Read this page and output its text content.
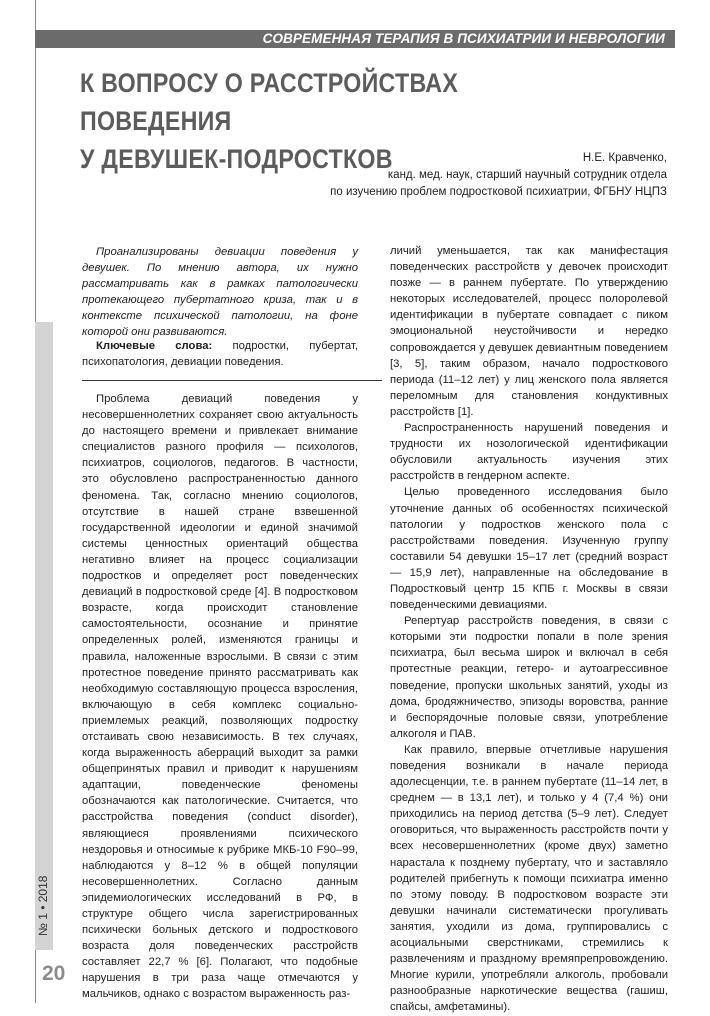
20
СОВРЕМЕННАЯ ТЕРАПИЯ В ПСИХИАТРИИ И НЕВРОЛОГИИ
К ВОПРОСУ О РАССТРОЙСТВАХ ПОВЕДЕНИЯ
У ДЕВУШЕК-ПОДРОСТКОВ	Н.Е. Кравченко,
канд. мед. наук, старший научный сотрудник отдела
по изучению проблем подростковой психиатрии, ФГБНУ НЦПЗ

Проанализированы девиации поведения у девушек. По мнению автора, их нужно рассматривать как в рамках патологически протекающего пубертатного криза, так и в контексте психической патологии, на фоне которой они развиваются.

Ключевые слова: подростки, пубертат, психопатология, девиации поведения.

Проблема девиаций поведения у несовершеннолетних сохраняет свою актуальность до настоящего времени и привлекает внимание специалистов разного профиля — психологов, психиатров, социологов, педагогов. В частности, это обусловлено распространенностью данного феномена. Так, согласно мнению социологов, отсутствие в нашей стране взвешенной государственной идеологии и единой значимой системы ценностных ориентаций общества негативно влияет на процесс социализации подростков и определяет рост поведенческих девиаций в подростковой среде [4]. В подростковом возрасте, когда происходит становление самостоятельности, осознание и принятие определенных ролей, изменяются границы и правила, наложенные взрослыми. В связи с этим протестное поведение принято рассматривать как необходимую составляющую процесса взросления, включающую в себя комплекс социально-приемлемых реакций, позволяющих подростку отстаивать свою независимость. В тех случаях, когда выраженность аберраций выходит за рамки общепринятых правил и приводит к нарушениям адаптации, поведенческие феномены обозначаются как патологические. Считается, что расстройства поведения (conduct disorder), являющиеся проявлениями психического нездоровья и относимые к рубрике МКБ-10 F90–99, наблюдаются у 8–12 % в общей популяции несовершеннолетних. Согласно данным эпидемиологических исследований в РФ, в структуре общего числа зарегистрированных психически больных детского и подросткового возраста доля поведенческих расстройств составляет 22,7 % [6]. Полагают, что подобные нарушения в три раза чаще отмечаются у мальчиков, однако с возрастом выраженность раз-

личий уменьшается, так как манифестация поведенческих расстройств у девочек происходит позже — в раннем пубертате. По утверждению некоторых исследователей, процесс полоролевой идентификации в пубертате совпадает с пиком эмоциональной неустойчивости и нередко сопровождается у девушек девиантным поведением [3, 5], таким образом, начало подросткового периода (11–12 лет) у лиц женского пола является переломным для становления кондуктивных расстройств [1].

Распространенность нарушений поведения и трудности их нозологической идентификации обусловили актуальность изучения этих расстройств в гендерном аспекте.

Целью проведенного исследования было уточнение данных об особенностях психической патологии у подростков женского пола с расстройствами поведения. Изученную группу составили 54 девушки 15–17 лет (средний возраст — 15,9 лет), направленные на обследование в Подростковый центр 15 КПБ г. Москвы в связи поведенческими девиациями.

Репертуар расстройств поведения, в связи с которыми эти подростки попали в поле зрения психиатра, был весьма широк и включал в себя протестные реакции, гетеро- и аутоагрессивное поведение, пропуски школьных занятий, уходы из дома, бродяжничество, эпизоды воровства, ранние и беспорядочные половые связи, употребление алкоголя и ПАВ.

Как правило, впервые отчетливые нарушения поведения возникали в начале периода адолесценции, т.е. в раннем пубертате (11–14 лет, в среднем — в 13,1 лет), и только у 4 (7,4 %) они приходились на период детства (5–9 лет). Следует оговориться, что выраженность расстройств почти у всех несовершеннолетних (кроме двух) заметно нарастала к позднему пубертату, что и заставляло родителей прибегнуть к помощи психиатра именно по этому поводу. В подростковом возрасте эти девушки начинали систематически прогуливать занятия, уходили из дома, группировались с асоциальными сверстниками, стремились к развлечениям и праздному времяпрепровождению. Многие курили, употребляли алкоголь, пробовали разнообразные наркотические вещества (гашиш, спайсы, амфетамины).
